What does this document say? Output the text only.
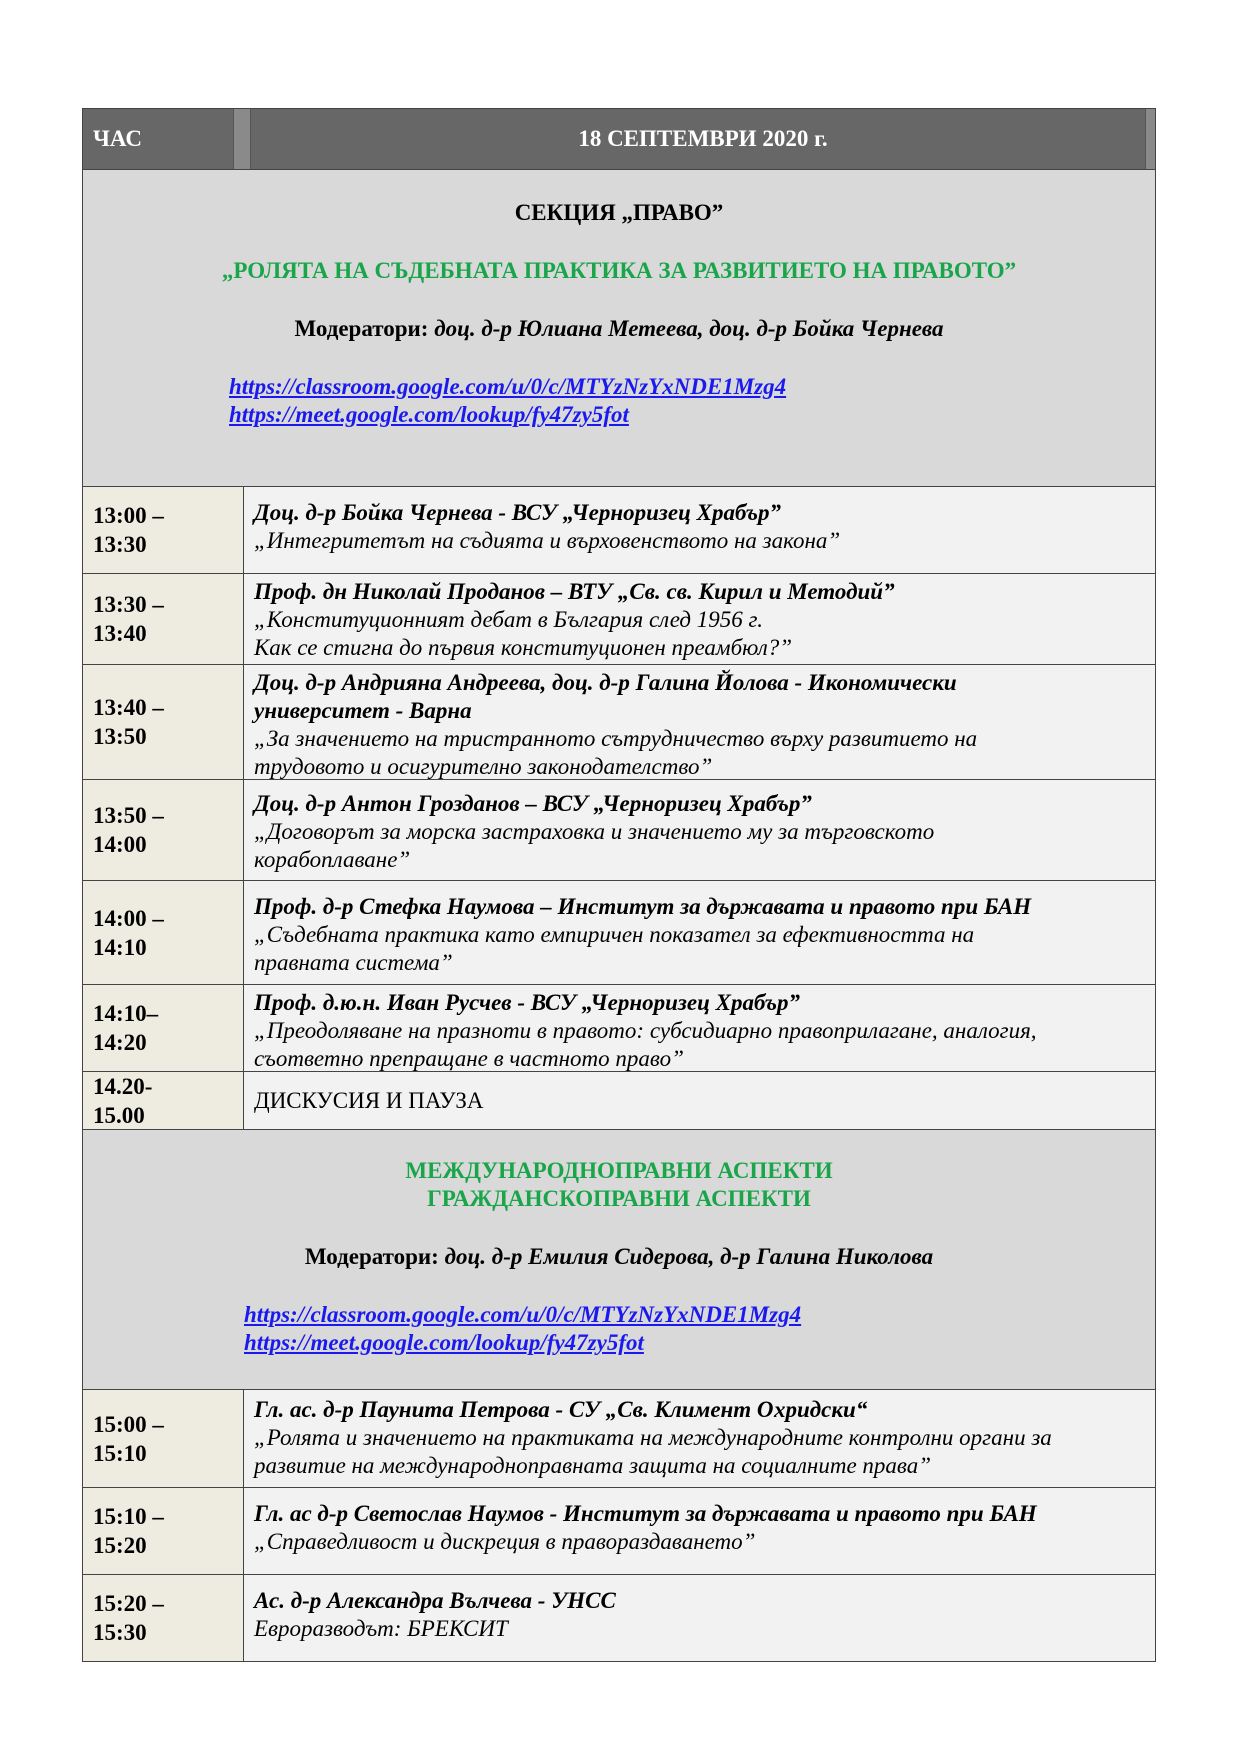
ЧАС	18 СЕПТЕМВРИ 2020 г.
СЕКЦИЯ „ПРАВО”
„РОЛЯТА НА СЪДЕБНАТА ПРАКТИКА ЗА РАЗВИТИЕТО НА ПРАВОТО”
Модератори: доц. д-р Юлиана Метеева, доц. д-р Бойка Чернева
https://classroom.google.com/u/0/c/MTYzNzYxNDE1Mzg4
https://meet.google.com/lookup/fy47zy5fot
13:00 –
13:30
Доц. д-р Бойка Чернева - ВСУ „Черноризец Храбър”
„Интегритетът на съдията и върховенството на закона”
13:30 –
13:40
Проф. дн Николай Проданов – ВТУ „Св. св. Кирил и Методий”
„Конституционният дебат в България след 1956 г.
Как се стигна до първия конституционен преамбюл?”
13:40 –
13:50
Доц. д-р Андрияна Андреева, доц. д-р Галина Йолова - Икономически
университет - Варна
„За значението на тристранното сътрудничество върху развитието на
трудовото и осигурително законодателство”
13:50 –
14:00
Доц. д-р Антон Грозданов – ВСУ „Черноризец Храбър”
„Договорът за морска застраховка и значението му за търговското
корабоплаване”
14:00 –
14:10
Проф. д-р Стефка Наумова – Институт за държавата и правото при БАН
„Съдебната практика като емпиричен показател за ефективността на
правната система”
14:10–
14:20
Проф. д.ю.н. Иван Русчев - ВСУ „Черноризец Храбър”
„Преодоляване на празноти в правото: субсидиарно правоприлагане, аналогия,
съответно препращане в частното право”
14.20-
15.00
ДИСКУСИЯ И ПАУЗА
МЕЖДУНАРОДНОПРАВНИ АСПЕКТИ
ГРАЖДАНСКОПРАВНИ АСПЕКТИ
Модератори: доц. д-р Емилия Сидерова, д-р Галина Николова
https://classroom.google.com/u/0/c/MTYzNzYxNDE1Mzg4
https://meet.google.com/lookup/fy47zy5fot
15:00 –
15:10
Гл. ас. д-р Паунита Петрова - СУ „Св. Климент Охридски“
„Ролята и значението на практиката на международните контролни органи за
развитие на международноправната защита на социалните права”
15:10 –
15:20
Гл. ас д-р Светослав Наумов - Институт за държавата и правото при БАН
„Справедливост и дискреция в правораздаването”
15:20 –
15:30
Ас. д-р Александра Вълчева - УНСС
Евроразводът: БРЕКСИТ
